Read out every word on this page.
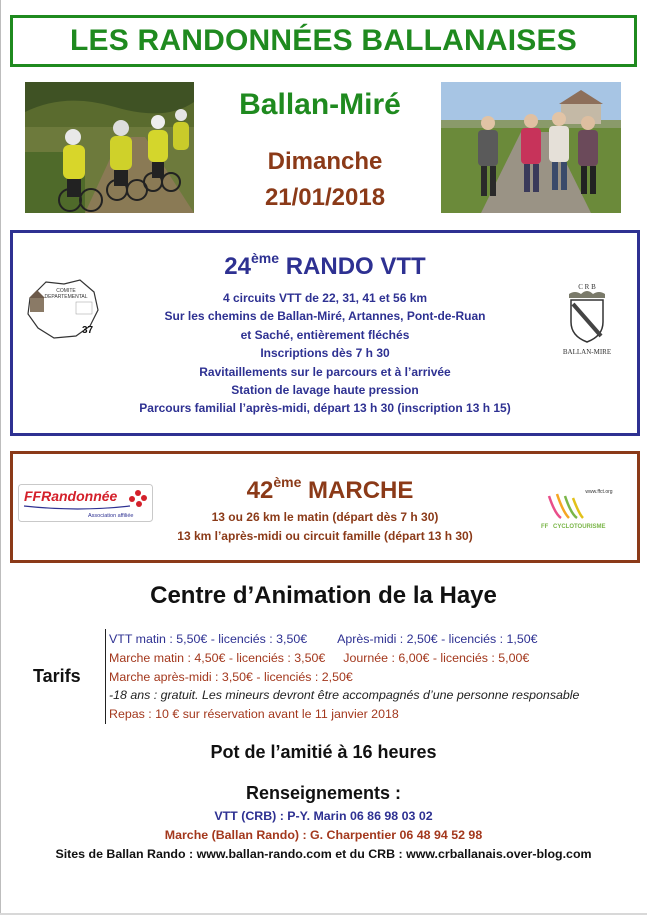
LES RANDONNÉES BALLANAISES
Ballan-Miré
Dimanche
21/01/2018
24ème RANDO VTT
4 circuits VTT de 22, 31, 41 et 56 km
Sur les chemins de Ballan-Miré, Artannes, Pont-de-Ruan
et Saché, entièrement fléchés
Inscriptions dès 7 h 30
Ravitaillements sur le parcours et à l’arrivée
Station de lavage haute pression
Parcours familial l’après-midi, départ 13 h 30 (inscription 13 h 15)
COMITE
DEPARTEMENTAL
37
C R B
BALLAN-MIRE
42ème MARCHE
13 ou 26 km le matin (départ dès 7 h 30)
13 km l’après-midi ou circuit famille (départ 13 h 30)
FFRandonnée
Association affiliée
www.ffct.org
FF CYCLOTOURISME
Centre d’Animation de la Haye
Tarifs
VTT matin : 5,50€ - licenciés : 3,50€ Après-midi : 2,50€ - licenciés : 1,50€
Marche matin : 4,50€ - licenciés : 3,50€ Journée : 6,00€ - licenciés : 5,00€
Marche après-midi : 3,50€ - licenciés : 2,50€
-18 ans : gratuit. Les mineurs devront être accompagnés d’une personne responsable
Repas : 10 € sur réservation avant le 11 janvier 2018
Pot de l’amitié à 16 heures
Renseignements :
VTT (CRB) : P-Y. Marin 06 86 98 03 02
Marche (Ballan Rando) : G. Charpentier 06 48 94 52 98
Sites de Ballan Rando : www.ballan-rando.com et du CRB : www.crballanais.over-blog.com
